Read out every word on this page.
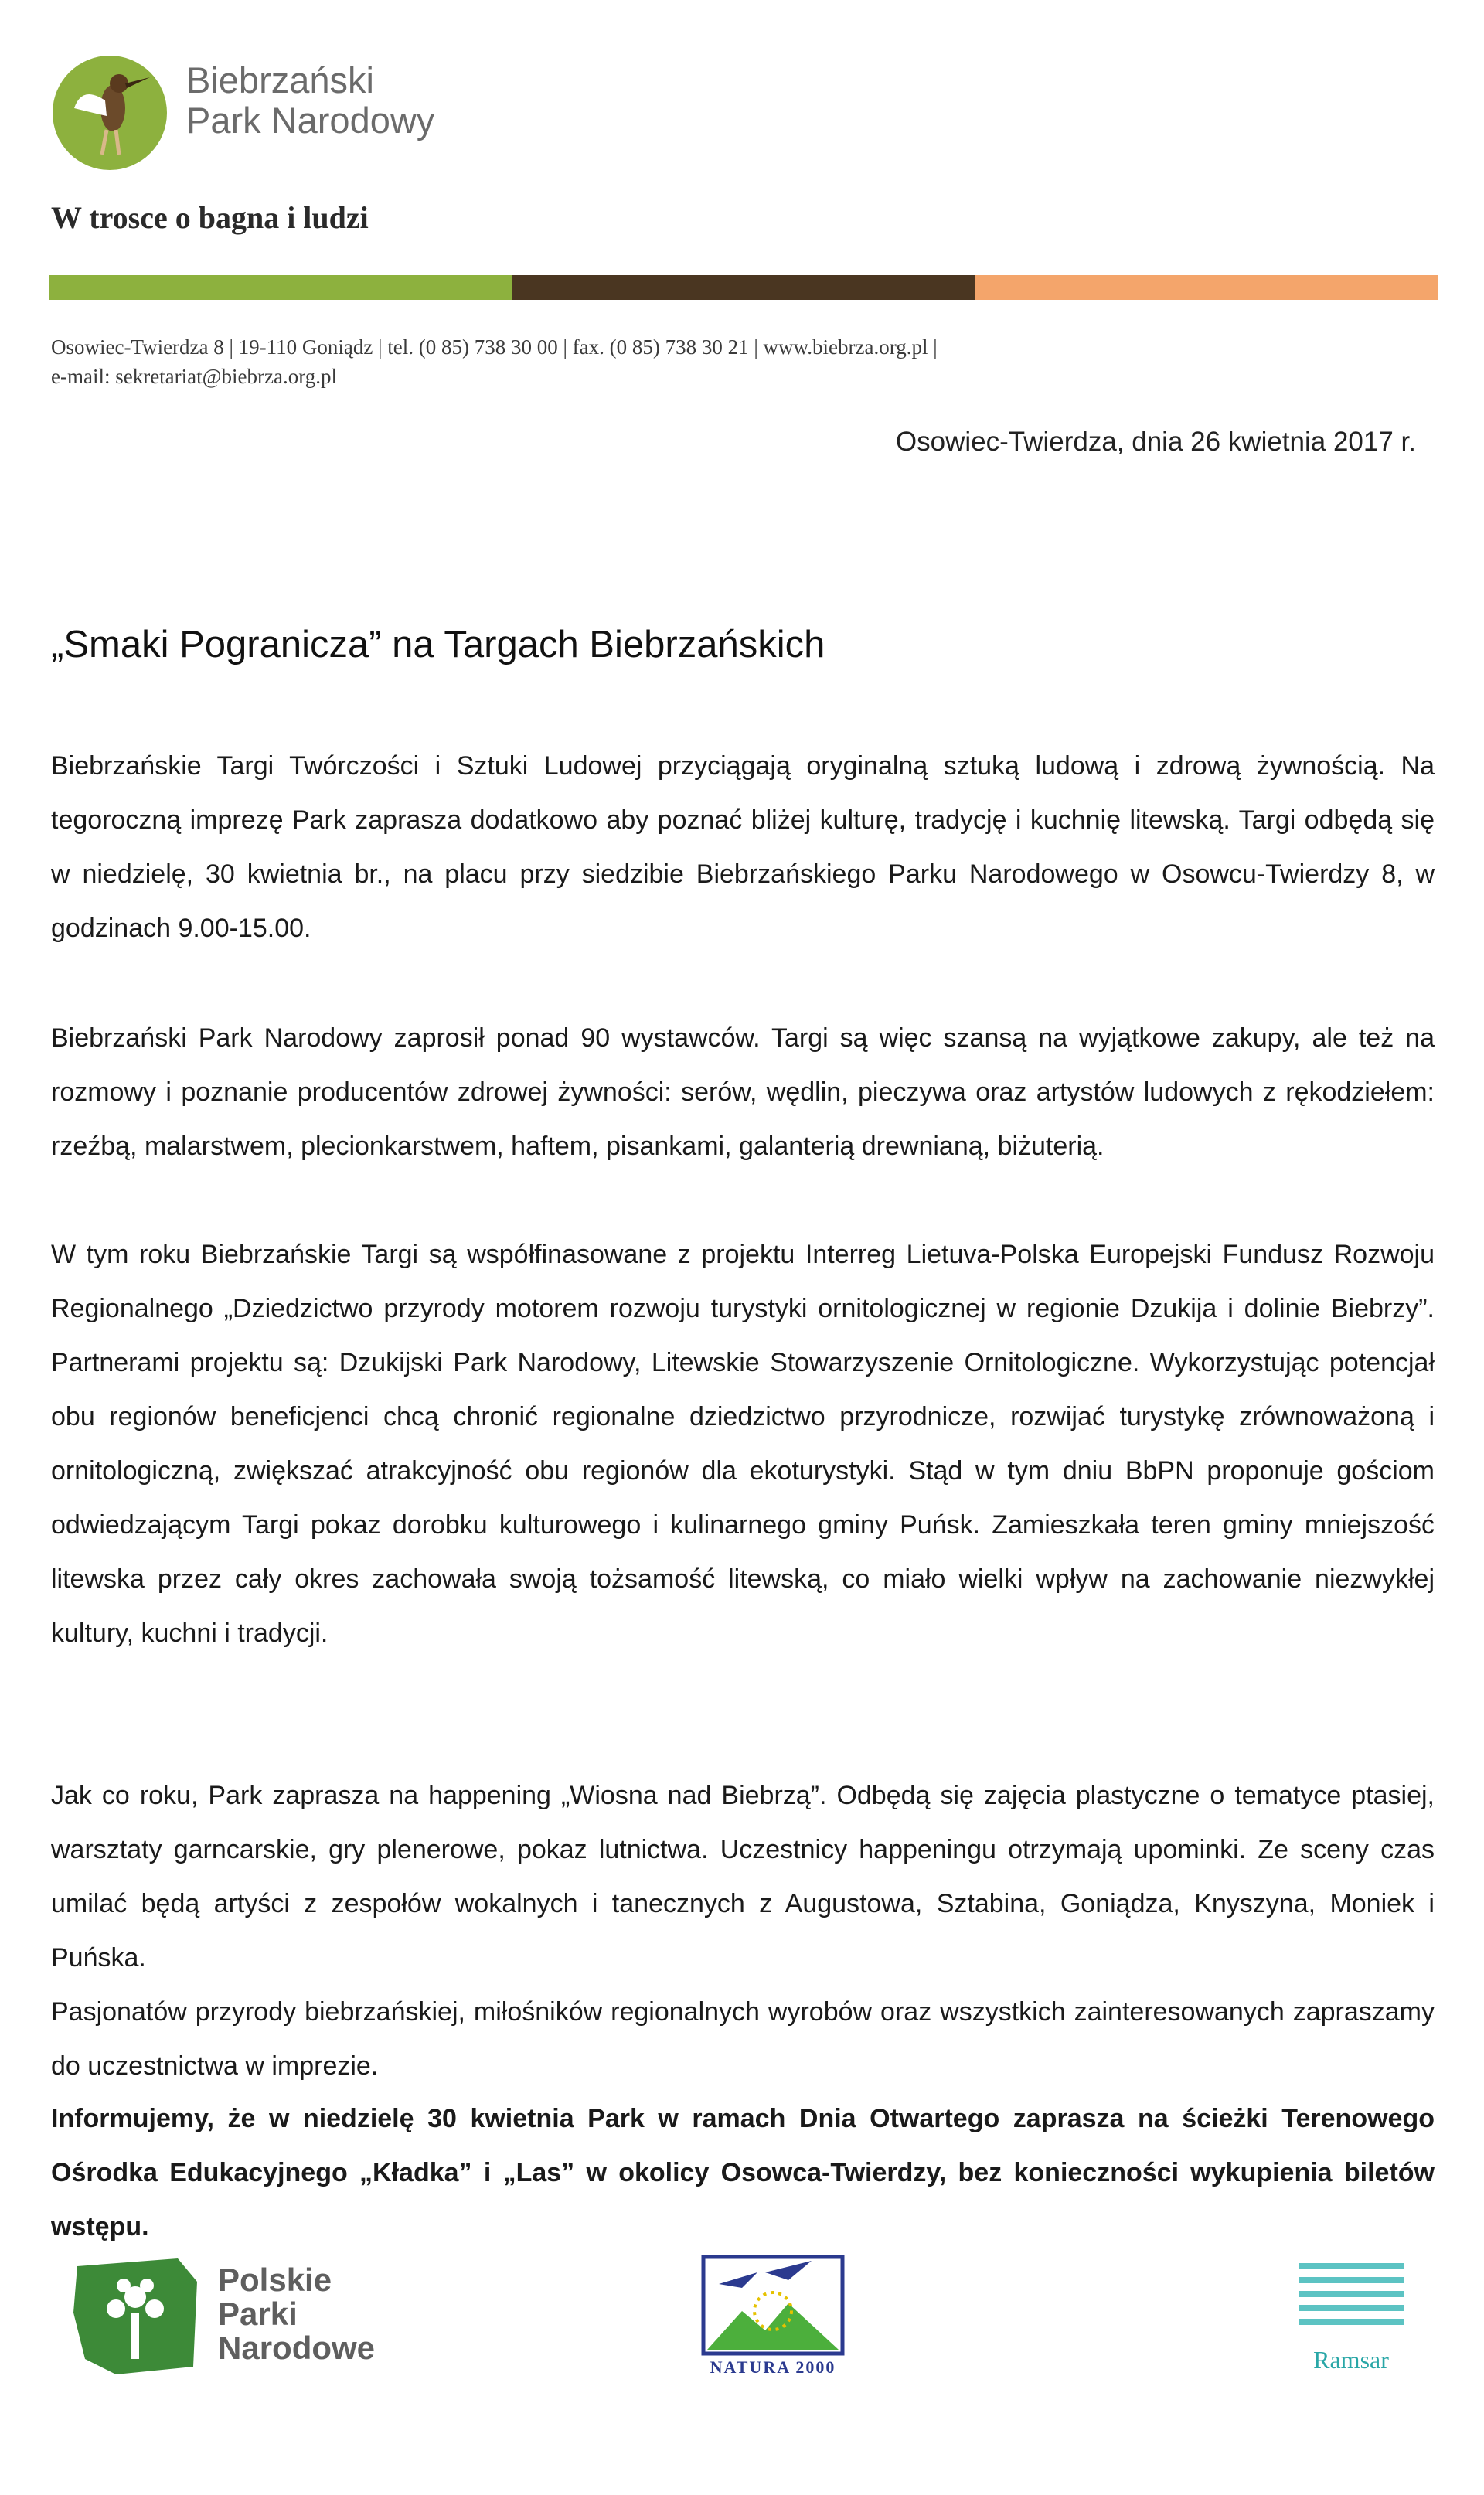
Biebrzański
Park Narodowy
W trosce o bagna i ludzi
Osowiec-Twierdza 8 | 19-110 Goniądz | tel. (0 85) 738 30 00 | fax. (0 85) 738 30 21 | www.biebrza.org.pl |
e-mail: sekretariat@biebrza.org.pl
Osowiec-Twierdza, dnia 26 kwietnia 2017 r.
„Smaki Pogranicza” na Targach Biebrzańskich
Biebrzańskie Targi Twórczości i Sztuki Ludowej przyciągają oryginalną sztuką ludową i zdrową żywnością. Na tegoroczną imprezę Park zaprasza dodatkowo aby poznać bliżej kulturę, tradycję i kuchnię litewską. Targi odbędą się w niedzielę, 30 kwietnia br., na placu przy siedzibie Biebrzańskiego Parku Narodowego w Osowcu-Twierdzy 8, w godzinach 9.00-15.00.
Biebrzański Park Narodowy zaprosił ponad 90 wystawców. Targi są więc szansą na wyjątkowe zakupy, ale też na rozmowy i poznanie producentów zdrowej żywności: serów, wędlin, pieczywa oraz artystów ludowych z rękodziełem: rzeźbą, malarstwem, plecionkarstwem, haftem, pisankami, galanterią drewnianą, biżuterią.
W tym roku Biebrzańskie Targi są współfinasowane z projektu Interreg Lietuva-Polska Europejski Fundusz Rozwoju Regionalnego „Dziedzictwo przyrody motorem rozwoju turystyki ornitologicznej w regionie Dzukija i dolinie Biebrzy”. Partnerami projektu są: Dzukijski Park Narodowy, Litewskie Stowarzyszenie Ornitologiczne. Wykorzystując potencjał obu regionów beneficjenci chcą chronić regionalne dziedzictwo przyrodnicze, rozwijać turystykę zrównoważoną i ornitologiczną, zwiększać atrakcyjność obu regionów dla ekoturystyki. Stąd w tym dniu BbPN proponuje gościom odwiedzającym Targi pokaz dorobku kulturowego i kulinarnego gminy Puńsk. Zamieszkała teren gminy mniejszość litewska przez cały okres zachowała swoją tożsamość litewską, co miało wielki wpływ na zachowanie niezwykłej kultury, kuchni i tradycji.
Jak co roku, Park zaprasza na happening „Wiosna nad Biebrzą”. Odbędą się zajęcia plastyczne o tematyce ptasiej, warsztaty garncarskie, gry plenerowe, pokaz lutnictwa. Uczestnicy happeningu otrzymają upominki. Ze sceny czas umilać będą artyści z zespołów wokalnych i tanecznych z Augustowa, Sztabina, Goniądza, Knyszyna, Moniek i Puńska.
Pasjonatów przyrody biebrzańskiej, miłośników regionalnych wyrobów oraz wszystkich zainteresowanych zapraszamy do uczestnictwa w imprezie.
Informujemy, że w niedzielę 30 kwietnia Park w ramach Dnia Otwartego zaprasza na ścieżki Terenowego Ośrodka Edukacyjnego „Kładka” i „Las” w okolicy Osowca-Twierdzy, bez konieczności wykupienia biletów wstępu.
Polskie
Parki
Narodowe
NATURA 2000	Ramsar
